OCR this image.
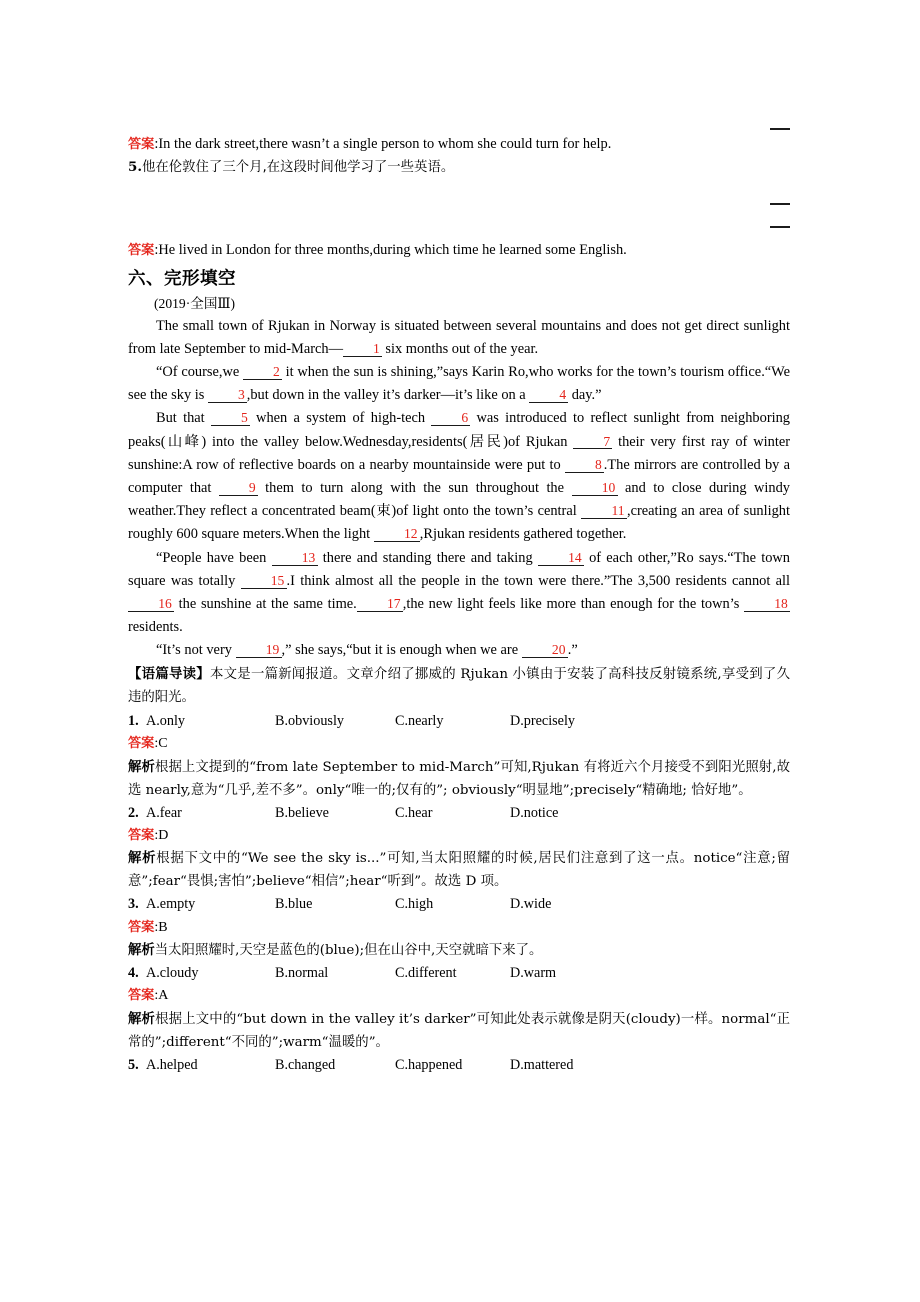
答案:In the dark street,there wasn’t a single person to whom she could turn for help.
5.他在伦敦住了三个月,在这段时间他学习了一些英语。
答案:He lived in London for three months,during which time he learned some English.
六、完形填空
(2019·全国Ⅲ)

The small town of Rjukan in Norway is situated between several mountains and does not get direct sunlight from late September to mid-March— 1 six months out of the year.

“Of course,we 2 it when the sun is shining,”says Karin Ro,who works for the town’s tourism office.“We see the sky is 3 ,but down in the valley it’s darker—it’s like on a 4 day.”

But that 5 when a system of high-tech 6 was introduced to reflect sunlight from neighboring peaks(山峰) into the valley below.Wednesday,residents(居民)of Rjukan 7 their very first ray of winter sunshine:A row of reflective boards on a nearby mountainside were put to 8 .The mirrors are controlled by a computer that 9 them to turn along with the sun throughout the 10 and to close during windy weather.They reflect a concentrated beam(束)of light onto the town’s central 11 ,creating an area of sunlight roughly 600 square meters.When the light 12 ,Rjukan residents gathered together.

“People have been 13 there and standing there and taking 14 of each other,”Ro says.“The town square was totally 15 .I think almost all the people in the town were there.”The 3,500 residents cannot all 16 the sunshine at the same time. 17 ,the new light feels like more than enough for the town’s 18 residents.

“It’s not very 19 ,” she says,“but it is enough when we are 20 .”

【语篇导读】本文是一篇新闻报道。文章介绍了挪威的 Rjukan 小镇由于安装了高科技反射镜系统,享受到了久违的阳光。
1. A.only	B.obviously	C.nearly	D.precisely
答案:C
解析根据上文提到的“from late September to mid-March”可知,Rjukan 有将近六个月接受不到阳光照射,故选 nearly,意为“几乎,差不多”。only“唯一的;仅有的”; obviously“明显地”;precisely“精确地; 恰好地”。
2. A.fear	B.believe	C.hear	D.notice
答案:D
解析根据下文中的“We see the sky is...”可知,当太阳照耀的时候,居民们注意到了这一点。notice“注意;留意”;fear“畏惧;害怕”;believe“相信”;hear“听到”。故选 D 项。
3. A.empty	B.blue	C.high	D.wide
答案:B
解析当太阳照耀时,天空是蓝色的(blue);但在山谷中,天空就暗下来了。
4. A.cloudy	B.normal	C.different	D.warm
答案:A
解析根据上文中的“but down in the valley it’s darker”可知此处表示就像是阴天(cloudy)一样。normal“正常的”;different“不同的”;warm“温暖的”。
5. A.helped	B.changed	C.happened	D.mattered
